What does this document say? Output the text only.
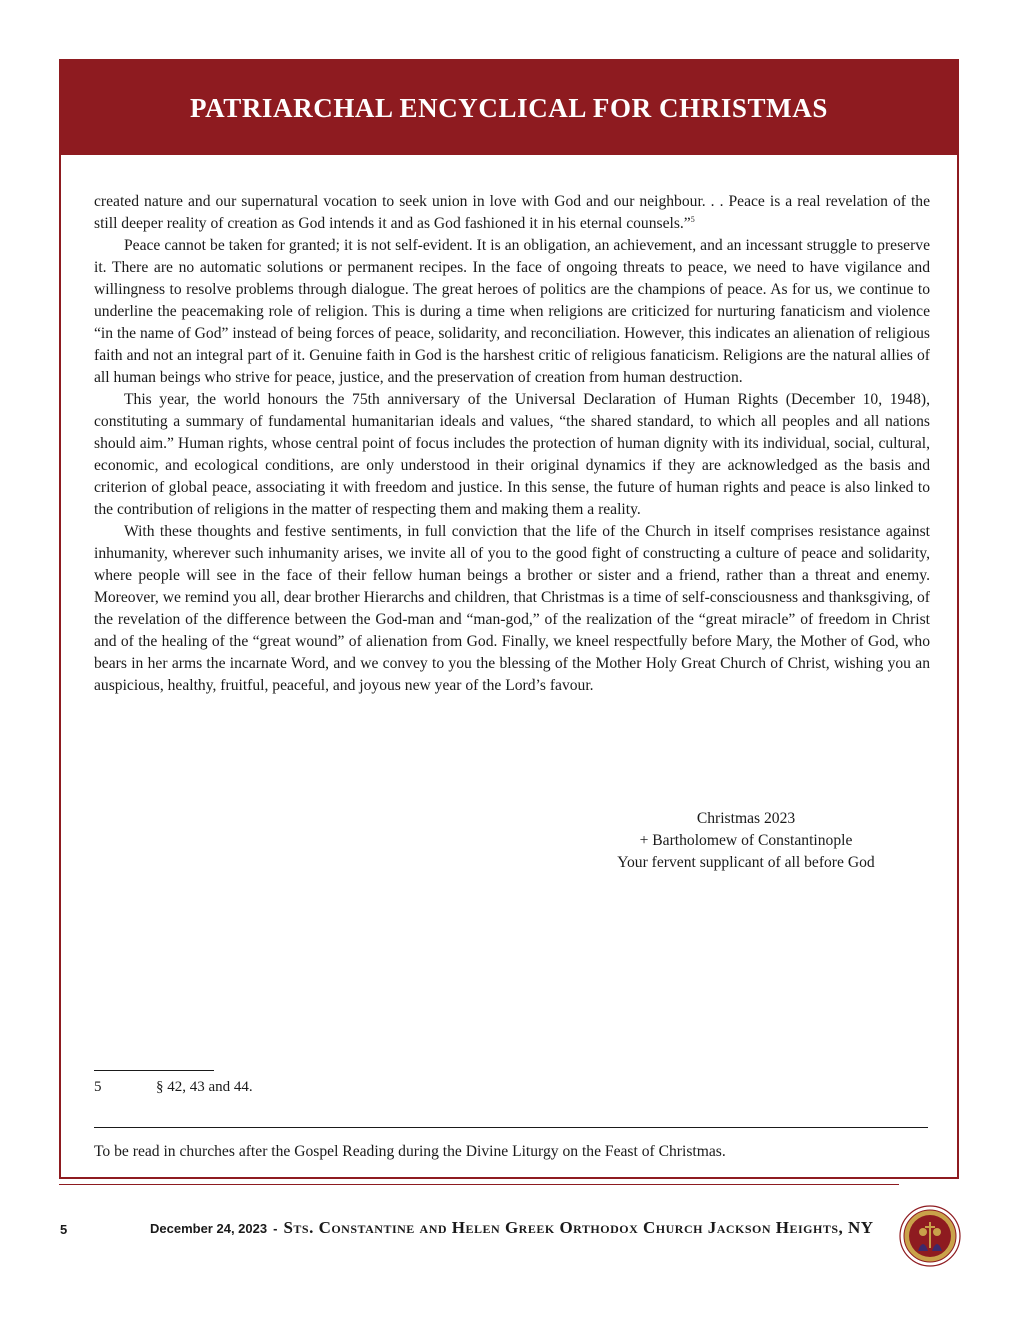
PATRIARCHAL ENCYCLICAL FOR CHRISTMAS

created nature and our supernatural vocation to seek union in love with God and our neighbour. . . Peace is a real revelation of the still deeper reality of creation as God intends it and as God fashioned it in his eternal counsels.”$^5$

Peace cannot be taken for granted; it is not self-evident. It is an obligation, an achievement, and an incessant struggle to preserve it. There are no automatic solutions or permanent recipes. In the face of ongoing threats to peace, we need to have vigilance and willingness to resolve problems through dialogue. The great heroes of politics are the champions of peace. As for us, we continue to underline the peacemaking role of religion. This is during a time when religions are criticized for nurturing fanaticism and violence “in the name of God” instead of being forces of peace, solidarity, and reconciliation. However, this indicates an alienation of religious faith and not an integral part of it. Genuine faith in God is the harshest critic of religious fanaticism. Religions are the natural allies of all human beings who strive for peace, justice, and the preservation of creation from human destruction.

This year, the world honours the 75th anniversary of the Universal Declaration of Human Rights (December 10, 1948), constituting a summary of fundamental humanitarian ideals and values, “the shared standard, to which all peoples and all nations should aim.” Human rights, whose central point of focus includes the protection of human dignity with its individual, social, cultural, economic, and ecological conditions, are only understood in their original dynamics if they are acknowledged as the basis and criterion of global peace, associating it with freedom and justice. In this sense, the future of human rights and peace is also linked to the contribution of religions in the matter of respecting them and making them a reality.

With these thoughts and festive sentiments, in full conviction that the life of the Church in itself comprises resistance against inhumanity, wherever such inhumanity arises, we invite all of you to the good fight of constructing a culture of peace and solidarity, where people will see in the face of their fellow human beings a brother or sister and a friend, rather than a threat and enemy. Moreover, we remind you all, dear brother Hierarchs and children, that Christmas is a time of self-consciousness and thanksgiving, of the revelation of the difference between the God-man and “man-god,” of the realization of the “great miracle” of freedom in Christ and of the healing of the “great wound” of alienation from God. Finally, we kneel respectfully before Mary, the Mother of God, who bears in her arms the incarnate Word, and we convey to you the blessing of the Mother Holy Great Church of Christ, wishing you an auspicious, healthy, fruitful, peaceful, and joyous new year of the Lord’s favour.

Christmas 2023
+ Bartholomew of Constantinople
Your fervent supplicant of all before God
5	§ 42, 43 and 44.
To be read in churches after the Gospel Reading during the Divine Liturgy on the Feast of Christmas.
5	December 24, 2023 - Sts. Constantine and Helen Greek Orthodox Church Jackson Heights, NY
